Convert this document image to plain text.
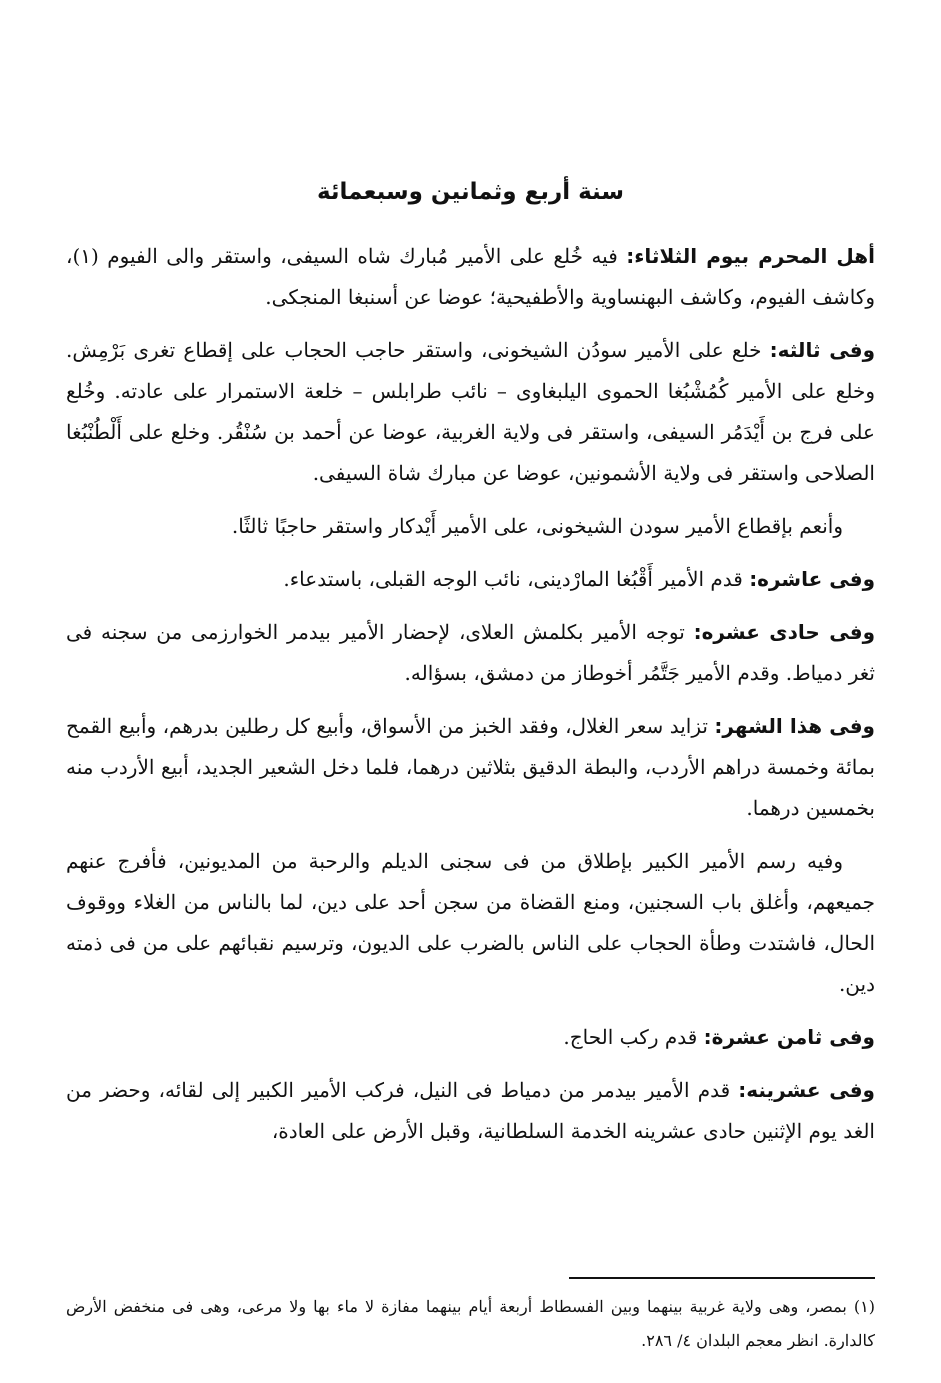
سنة أربع وثمانين وسبعمائة

أهل المحرم بيوم الثلاثاء: فيه خُلع على الأمير مُبارك شاه السيفى، واستقر والى الفيوم (١)، وكاشف الفيوم، وكاشف البهنساوية والأطفيحية؛ عوضا عن أسنبغا المنجكى.

وفى ثالثه: خلع على الأمير سودُن الشيخونى، واستقر حاجب الحجاب على إقطاع تغرى بَرْمِش. وخلع على الأمير كُمُشْبُغا الحموى اليلبغاوى – نائب طرابلس – خلعة الاستمرار على عادته. وخُلع على فرج بن أَيْدَمُر السيفى، واستقر فى ولاية الغربية، عوضا عن أحمد بن سُنْقُر. وخلع على أَلْطُنْبُغا الصلاحى واستقر فى ولاية الأشمونين، عوضا عن مبارك شاة السيفى.

وأنعم بإقطاع الأمير سودن الشيخونى، على الأمير أَيْدكار واستقر حاجبًا ثالثًا.

وفى عاشره: قدم الأمير أَقْبُغا المارْدينى، نائب الوجه القبلى، باستدعاء.

وفى حادى عشره: توجه الأمير بكلمش العلاى، لإحضار الأمير بيدمر الخوارزمى من سجنه فى ثغر دمياط. وقدم الأمير جَتَّمُر أخوطاز من دمشق، بسؤاله.

وفى هذا الشهر: تزايد سعر الغلال، وفقد الخبز من الأسواق، وأبيع كل رطلين بدرهم، وأبيع القمح بمائة وخمسة دراهم الأردب، والبطة الدقيق بثلاثين درهما، فلما دخل الشعير الجديد، أبيع الأردب منه بخمسين درهما.

وفيه رسم الأمير الكبير بإطلاق من فى سجنى الديلم والرحبة من المديونين، فأفرج عنهم جميعهم، وأغلق باب السجنين، ومنع القضاة من سجن أحد على دين، لما بالناس من الغلاء ووقوف الحال، فاشتدت وطأة الحجاب على الناس بالضرب على الديون، وترسيم نقبائهم على من فى ذمته دين.

وفى ثامن عشرة: قدم ركب الحاج.

وفى عشرينه: قدم الأمير بيدمر من دمياط فى النيل، فركب الأمير الكبير إلى لقائه، وحضر من الغد يوم الإثنين حادى عشرينه الخدمة السلطانية، وقبل الأرض على العادة،

(١) بمصر، وهى ولاية غربية بينهما وبين الفسطاط أربعة أيام بينهما مفازة لا ماء بها ولا مرعى، وهى فى منخفض الأرض كالدارة. انظر معجم البلدان ٤/ ٢٨٦.
